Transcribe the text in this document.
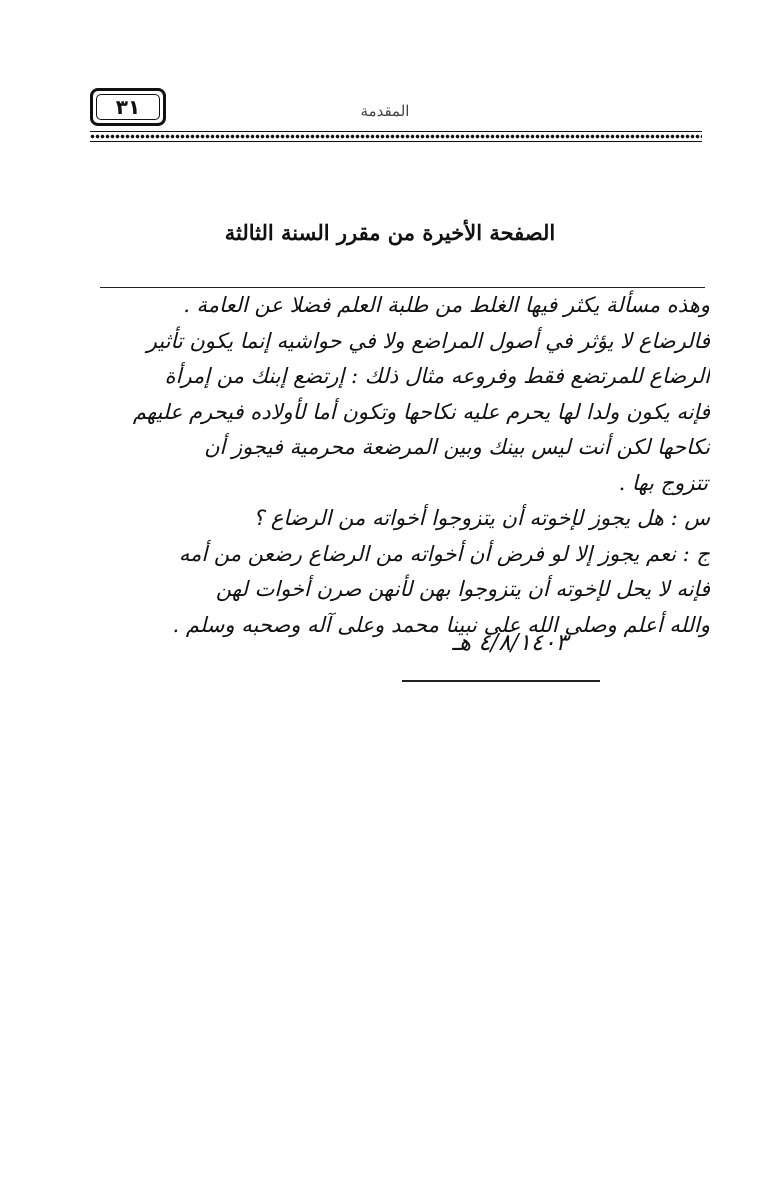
٣١	المقدمة
الصفحة الأخيرة من مقرر السنة الثالثة
وهذه مسألة يكثر فيها الغلط من طلبة العلم فضلا عن العامة .
فالرضاع لا يؤثر في أصول المراضع ولا في حواشيه إنما يكون تأثير
الرضاع للمرتضع فقط وفروعه مثال ذلك : إرتضع إبنك من إمرأة
فإنه يكون ولدا لها يحرم عليه نكاحها وتكون أما لأولاده فيحرم عليهم
نكاحها لكن أنت ليس بينك وبين المرضعة محرمية فيجوز أن
تتزوج بها .
س : هل يجوز لإخوته أن يتزوجوا أخواته من الرضاع ؟
ج : نعم يجوز إلا لو فرض أن أخواته من الرضاع رضعن من أمه
فإنه لا يحل لإخوته أن يتزوجوا بهن لأنهن صرن أخوات لهن
والله أعلم وصلى الله على نبينا محمد وعلى آله وصحبه وسلم .
٤/٨/١٤٠٣ هـ
